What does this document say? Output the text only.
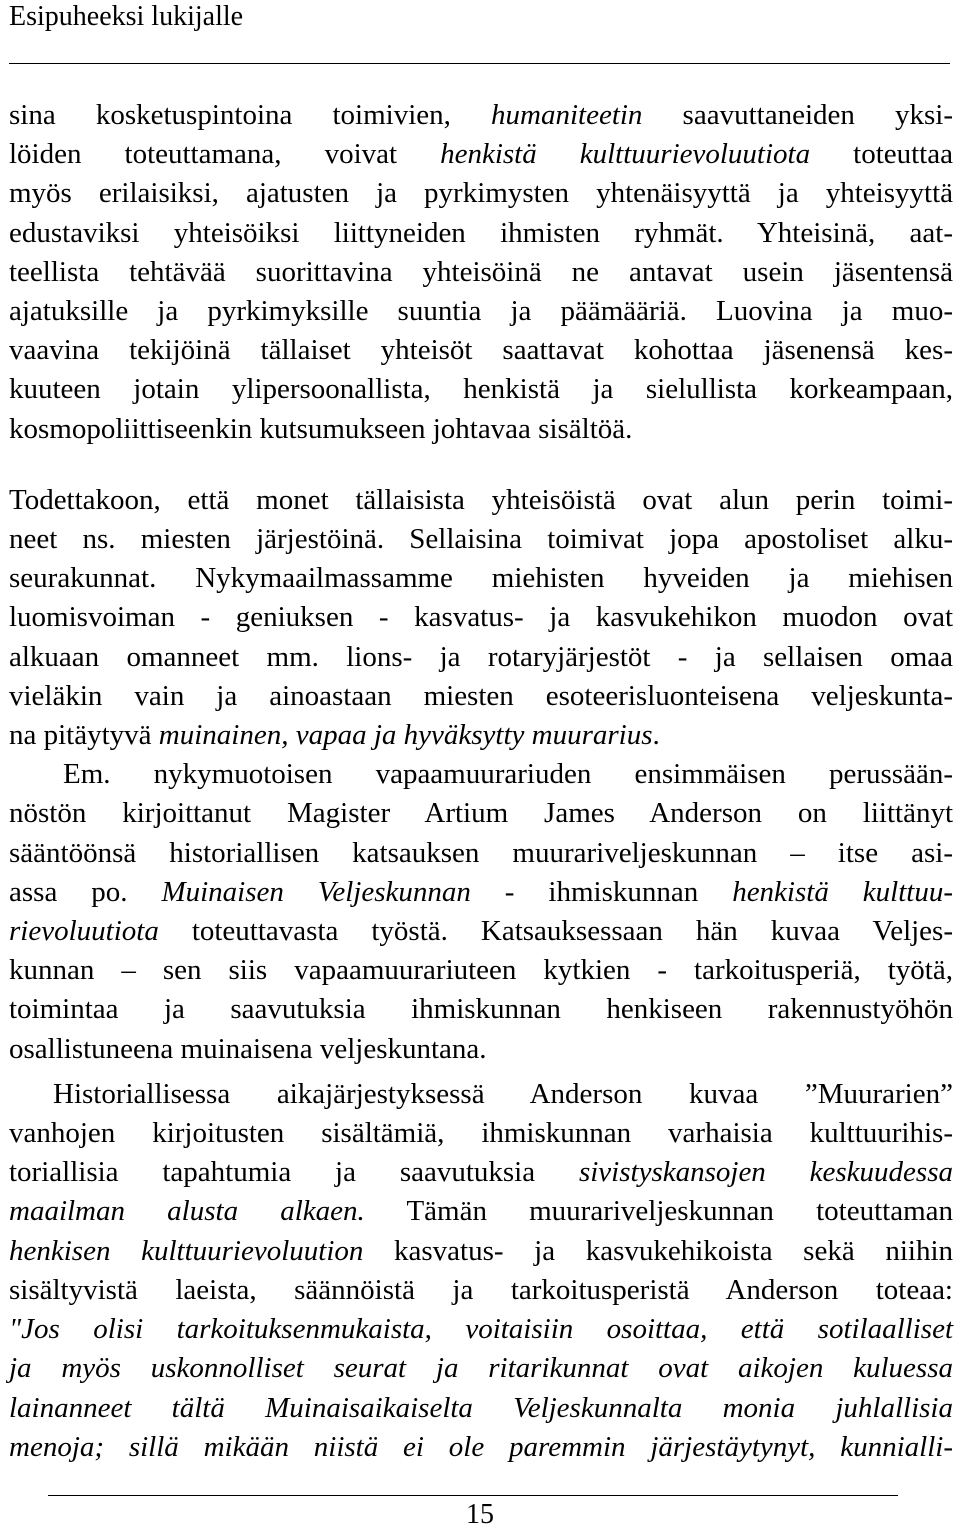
Esipuheeksi lukijalle
sina kosketuspintoina toimivien, humaniteetin saavuttaneiden yksi-
löiden toteuttamana, voivat henkistä kulttuurievoluutiota toteuttaa
myös erilaisiksi, ajatusten ja pyrkimysten yhtenäisyyttä ja yhteisyyttä
edustaviksi yhteisöiksi liittyneiden ihmisten ryhmät. Yhteisinä, aat-
teellista tehtävää suorittavina yhteisöinä ne antavat usein jäsentensä
ajatuksille ja pyrkimyksille suuntia ja päämääriä. Luovina ja muo-
vaavina tekijöinä tällaiset yhteisöt saattavat kohottaa jäsenensä kes-
kuuteen jotain ylipersoonallista, henkistä ja sielullista korkeampaan,
kosmopoliittiseenkin kutsumukseen johtavaa sisältöä.
Todettakoon, että monet tällaisista yhteisöistä ovat alun perin toimi-
neet ns. miesten järjestöinä. Sellaisina toimivat jopa apostoliset alku-
seurakunnat. Nykymaailmassamme miehisten hyveiden ja miehisen
luomisvoiman - geniuksen - kasvatus- ja kasvukehikon muodon ovat
alkuaan omanneet mm. lions- ja rotaryjärjestöt - ja sellaisen omaa
vieläkin vain ja ainoastaan miesten esoteerisluonteisena veljeskunta-
na pitäytyvä muinainen, vapaa ja hyväksytty muurarius.
Em. nykymuotoisen vapaamuurariuden ensimmäisen perussään-
nöstön kirjoittanut Magister Artium James Anderson on liittänyt
sääntöönsä historiallisen katsauksen muurariveljeskunnan – itse asi-
assa po. Muinaisen Veljeskunnan - ihmiskunnan henkistä kulttuu-
rievoluutiota toteuttavasta työstä. Katsauksessaan hän kuvaa Veljes-
kunnan – sen siis vapaamuurariuteen kytkien - tarkoitusperiä, työtä,
toimintaa ja saavutuksia ihmiskunnan henkiseen rakennustyöhön
osallistuneena muinaisena veljeskuntana.
Historiallisessa aikajärjestyksessä Anderson kuvaa ”Muurarien”
vanhojen kirjoitusten sisältämiä, ihmiskunnan varhaisia kulttuurihis-
toriallisia tapahtumia ja saavutuksia sivistyskansojen keskuudessa
maailman alusta alkaen. Tämän muurariveljeskunnan toteuttaman
henkisen kulttuurievoluution kasvatus- ja kasvukehikoista sekä niihin
sisältyvistä laeista, säännöistä ja tarkoitusperistä Anderson toteaa:
"Jos olisi tarkoituksenmukaista, voitaisiin osoittaa, että sotilaalliset
ja myös uskonnolliset seurat ja ritarikunnat ovat aikojen kuluessa
lainanneet tältä Muinaisaikaiselta Veljeskunnalta monia juhlallisia
menoja; sillä mikään niistä ei ole paremmin järjestäytynyt, kunnialli-
15
